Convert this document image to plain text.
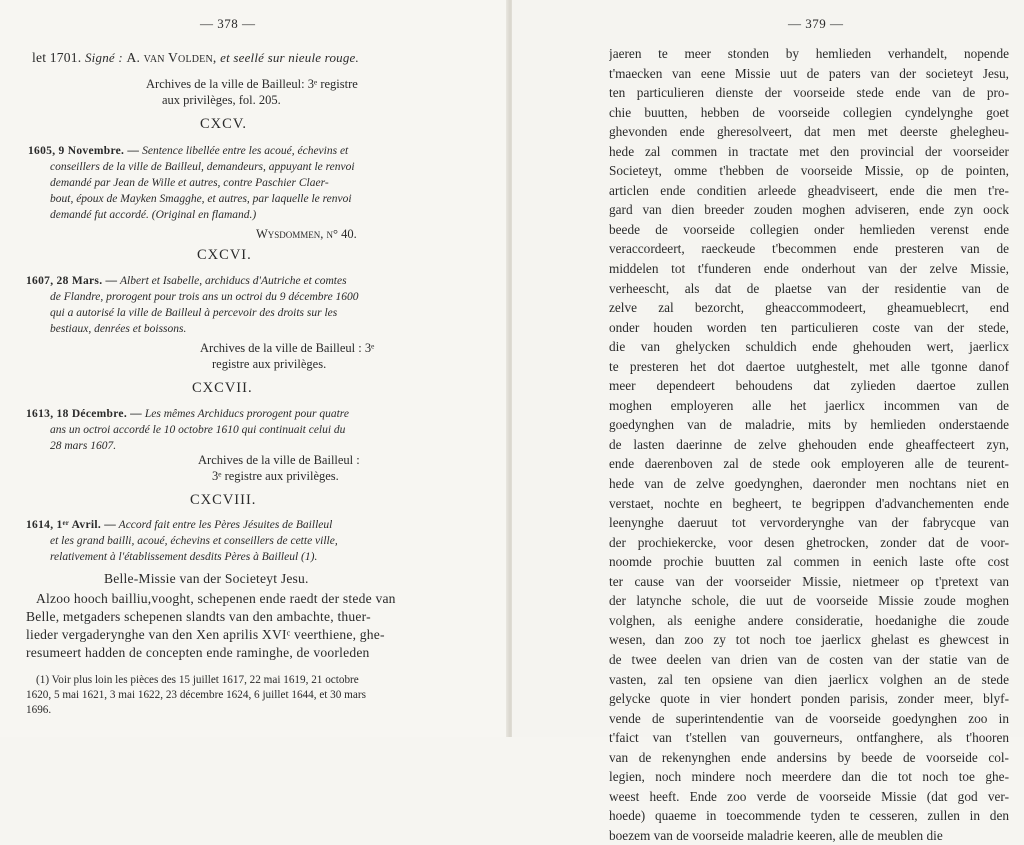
— 378 —
let 1701. Signé : A. van Volden, et seellé sur nieule rouge.
Archives de la ville de Bailleul: 3ᵉ registre
aux privilèges, fol. 205.
CXCV.
1605, 9 Novembre. — Sentence libellée entre les acoué, échevins et
conseillers de la ville de Bailleul, demandeurs, appuyant le renvoi
demandé par Jean de Wille et autres, contre Paschier Claer-
bout, époux de Mayken Smagghe, et autres, par laquelle le renvoi
demandé fut accordé. (Original en flamand.)
Wysdommen, n° 40.
CXCVI.
1607, 28 Mars. — Albert et Isabelle, archiducs d'Autriche et comtes
de Flandre, prorogent pour trois ans un octroi du 9 décembre 1600
qui a autorisé la ville de Bailleul à percevoir des droits sur les
bestiaux, denrées et boissons.
Archives de la ville de Bailleul : 3ᵉ
registre aux privilèges.
CXCVII.
1613, 18 Décembre. — Les mêmes Archiducs prorogent pour quatre
ans un octroi accordé le 10 octobre 1610 qui continuait celui du
28 mars 1607.
Archives de la ville de Bailleul :
3ᵉ registre aux privilèges.
CXCVIII.
1614, 1ᵉʳ Avril. — Accord fait entre les Pères Jésuites de Bailleul
et les grand bailli, acoué, échevins et conseillers de cette ville,
relativement à l'établissement desdits Pères à Bailleul (1).
Belle-Missie van der Societeyt Jesu.
Alzoo hooch bailliu,vooght, schepenen ende raedt der stede van
Belle, metgaders schepenen slandts van den ambachte, thuer-
lieder vergaderynghe van den Xen aprilis XVIᶜ veerthiene, ghe-
resumeert hadden de concepten ende raminghe, de voorleden
(1) Voir plus loin les pièces des 15 juillet 1617, 22 mai 1619, 21 octobre
1620, 5 mai 1621, 3 mai 1622, 23 décembre 1624, 6 juillet 1644, et 30 mars
1696.
— 379 —
jaeren te meer stonden by hemlieden verhandelt, nopende
t'maecken van eene Missie uut de paters van der societeyt Jesu,
ten particulieren dienste der voorseide stede ende van de pro-
chie buutten, hebben de voorseide collegien cyndelynghe goet
ghevonden ende gheresolveert, dat men met deerste ghelegheu-
hede zal commen in tractate met den provincial der voorseider
Societeyt, omme t'hebben de voorseide Missie, op de pointen,
articlen ende conditien arleede gheadviseert, ende die men t're-
gard van dien breeder zouden moghen adviseren, ende zyn oock
beede de voorseide collegien onder hemlieden verenst ende
veraccordeert, raeckeude t'becommen ende presteren van de
middelen tot t'funderen ende onderhout van der zelve Missie,
verheescht, als dat de plaetse van der residentie van de
zelve zal bezorcht, gheaccommodeert, gheamueblecrt, end
onder houden worden ten particulieren coste van der stede,
die van ghelycken schuldich ende ghehouden wert, jaerlicx
te presteren het dot daertoe uutghestelt, met alle tgonne danof
meer dependeert behoudens dat zylieden daertoe zullen
moghen employeren alle het jaerlicx incommen van de
goedynghen van de maladrie, mits by hemlieden onderstaende
de lasten daerinne de zelve ghehouden ende gheaffecteert zyn,
ende daerenboven zal de stede ook employeren alle de teurent-
hede van de zelve goedynghen, daeronder men nochtans niet en
verstaet, nochte en begheert, te begrippen d'advanchementen ende
leenynghe daeruut tot vervorderynghe van der fabrycque van
der prochiekercke, voor desen ghetrocken, zonder dat de voor-
noomde prochie buutten zal commen in eenich laste ofte cost
ter cause van der voorseider Missie, nietmeer op t'pretext van
der latynche schole, die uut de voorseide Missie zoude moghen
volghen, als eenighe andere consideratie, hoedanighe die zoude
wesen, dan zoo zy tot noch toe jaerlicx ghelast es ghewcest in
de twee deelen van drien van de costen van der statie van de
vasten, zal ten opsiene van dien jaerlicx volghen an de stede
gelycke quote in vier hondert ponden parisis, zonder meer, blyf-
vende de superintendentie van de voorseide goedynghen zoo in
t'faict van t'stellen van gouverneurs, ontfanghere, als t'hooren
van de rekenynghen ende andersins by beede de voorseide col-
legien, noch mindere noch meerdere dan die tot noch toe ghe-
weest heeft. Ende zoo verde de voorseide Missie (dat god ver-
hoede) quaeme in toecommende tyden te cesseren, zullen in den
boezem van de voorseide maladrie keeren, alle de meublen die
